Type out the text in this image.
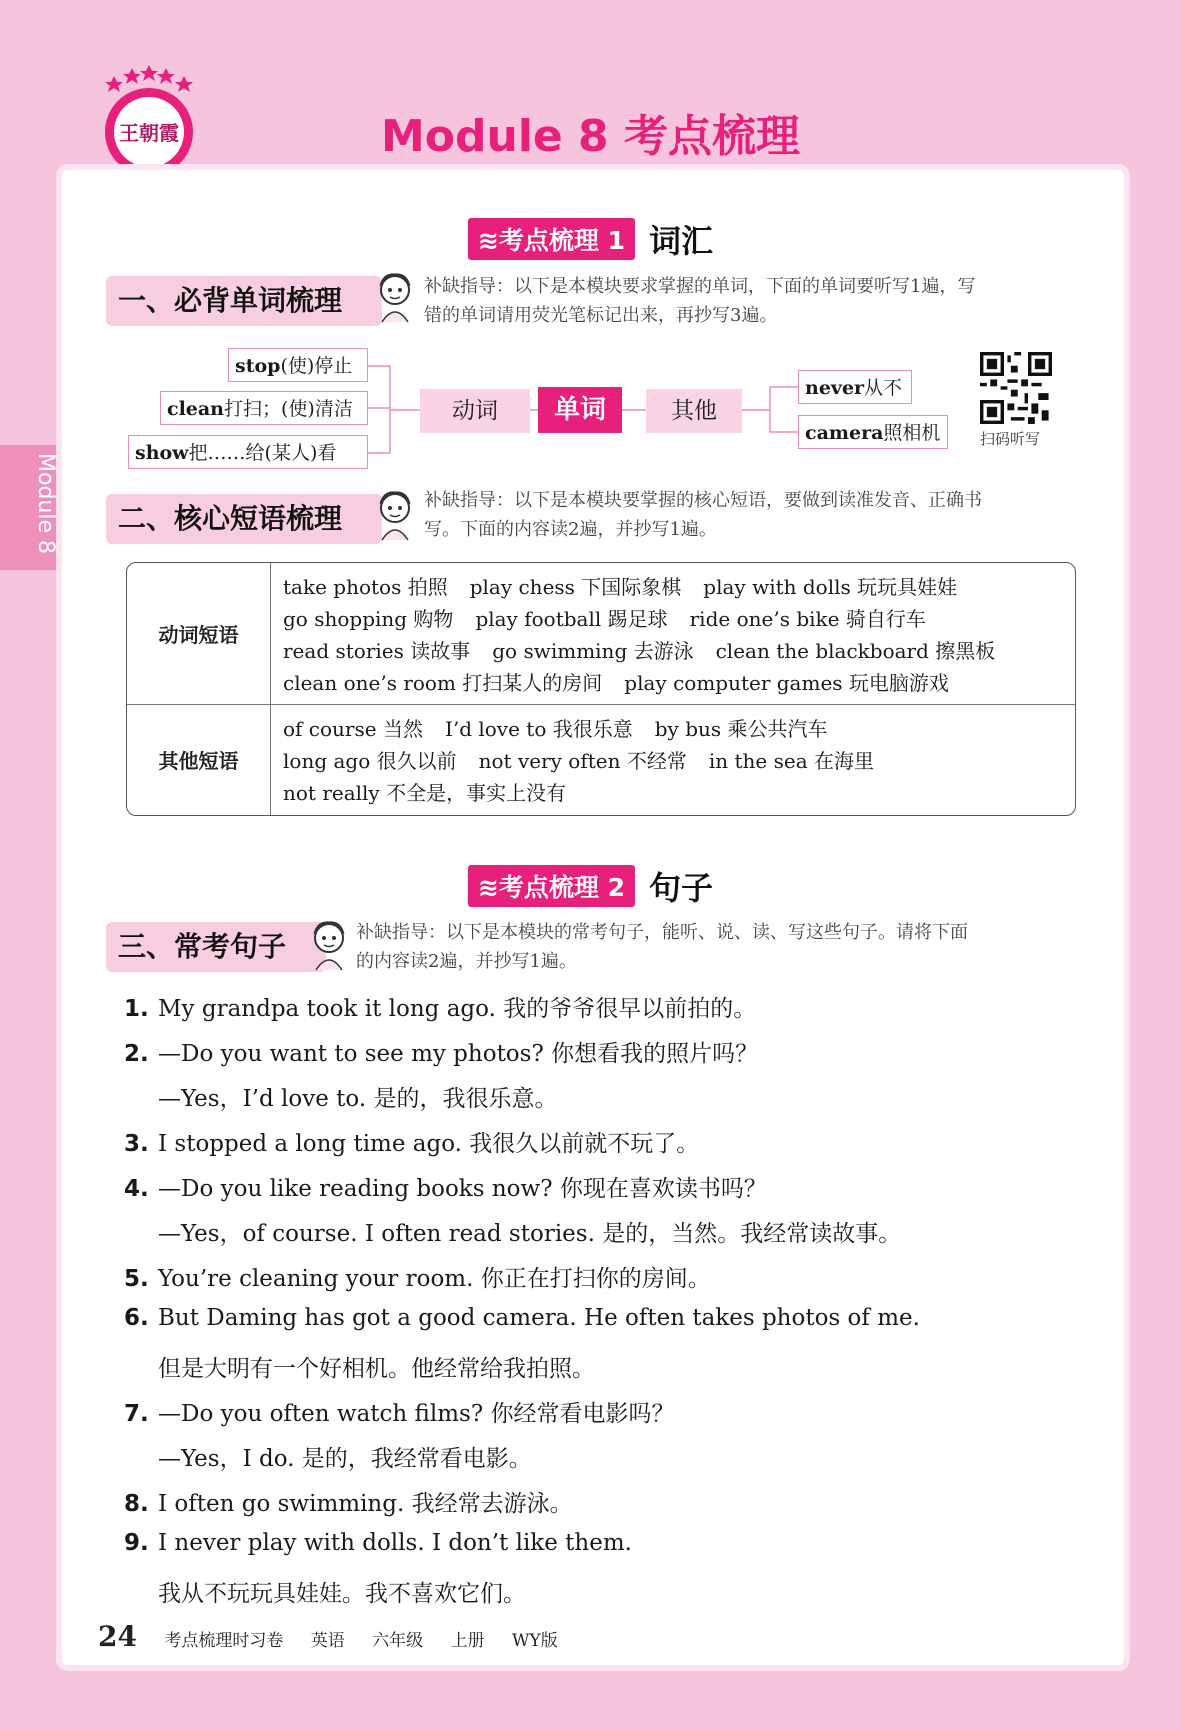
王朝霞	Module 8 考点梳理
Module 8
≋考点梳理 1 词汇
一、必背单词梳理	补缺指导：以下是本模块要求掌握的单词，下面的单词要听写1遍，写
错的单词请用荧光笔标记出来，再抄写3遍。
stop(使)停止
clean打扫；(使)清洁
show把……给(某人)看
动词	单词	其他
never从不
camera照相机	扫码听写
二、核心短语梳理
补缺指导：以下是本模块要掌握的核心短语，要做到读准发音、正确书
写。下面的内容读2遍，并抄写1遍。
动词短语
take photos 拍照 play chess 下国际象棋 play with dolls 玩玩具娃娃
go shopping 购物 play football 踢足球 ride one’s bike 骑自行车
read stories 读故事 go swimming 去游泳 clean the blackboard 擦黑板
clean one’s room 打扫某人的房间 play computer games 玩电脑游戏
其他短语
of course 当然 I’d love to 我很乐意 by bus 乘公共汽车
long ago 很久以前 not very often 不经常 in the sea 在海里
not really 不全是，事实上没有
≋考点梳理 2 句子
三、常考句子	补缺指导：以下是本模块的常考句子，能听、说、读、写这些句子。请将下面
的内容读2遍，并抄写1遍。
1. My grandpa took it long ago. 我的爷爷很早以前拍的。
2. —Do you want to see my photos? 你想看我的照片吗？
—Yes，I’d love to. 是的，我很乐意。
3. I stopped a long time ago. 我很久以前就不玩了。
4. —Do you like reading books now? 你现在喜欢读书吗？
—Yes，of course. I often read stories. 是的，当然。我经常读故事。
5. You’re cleaning your room. 你正在打扫你的房间。
6. But Daming has got a good camera. He often takes photos of me.
但是大明有一个好相机。他经常给我拍照。
7. —Do you often watch films? 你经常看电影吗？
—Yes，I do. 是的，我经常看电影。
8. I often go swimming. 我经常去游泳。
9. I never play with dolls. I don’t like them.
我从不玩玩具娃娃。我不喜欢它们。
24 考点梳理时习卷 英语 六年级 上册 WY版
